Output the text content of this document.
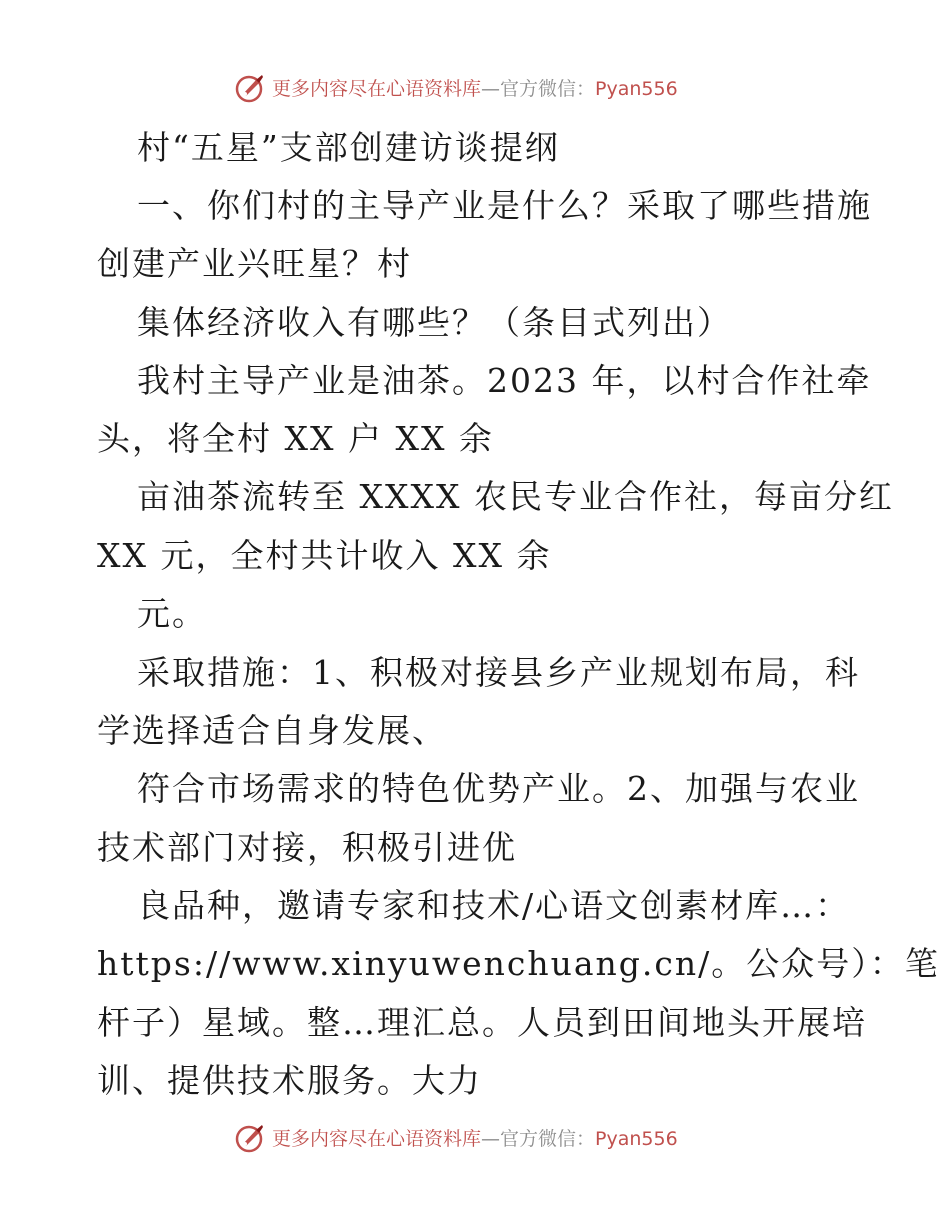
更多内容尽在心语资料库—官方微信：Pyan556
村“五星”支部创建访谈提纲
一、你们村的主导产业是什么？采取了哪些措施
创建产业兴旺星？村
集体经济收入有哪些？（条目式列出）
我村主导产业是油茶。2023 年，以村合作社牵
头，将全村 XX 户 XX 余
亩油茶流转至 XXXX 农民专业合作社，每亩分红
XX 元，全村共计收入 XX 余
元。
采取措施：1、积极对接县乡产业规划布局，科
学选择适合自身发展、
符合市场需求的特色优势产业。2、加强与农业
技术部门对接，积极引进优
良品种，邀请专家和技术/心语文创素材库…：
https://www.xinyuwenchuang.cn/。公众号）：笔
杆子）星域。整…理汇总。人员到田间地头开展培
训、提供技术服务。大力
更多内容尽在心语资料库—官方微信：Pyan556
